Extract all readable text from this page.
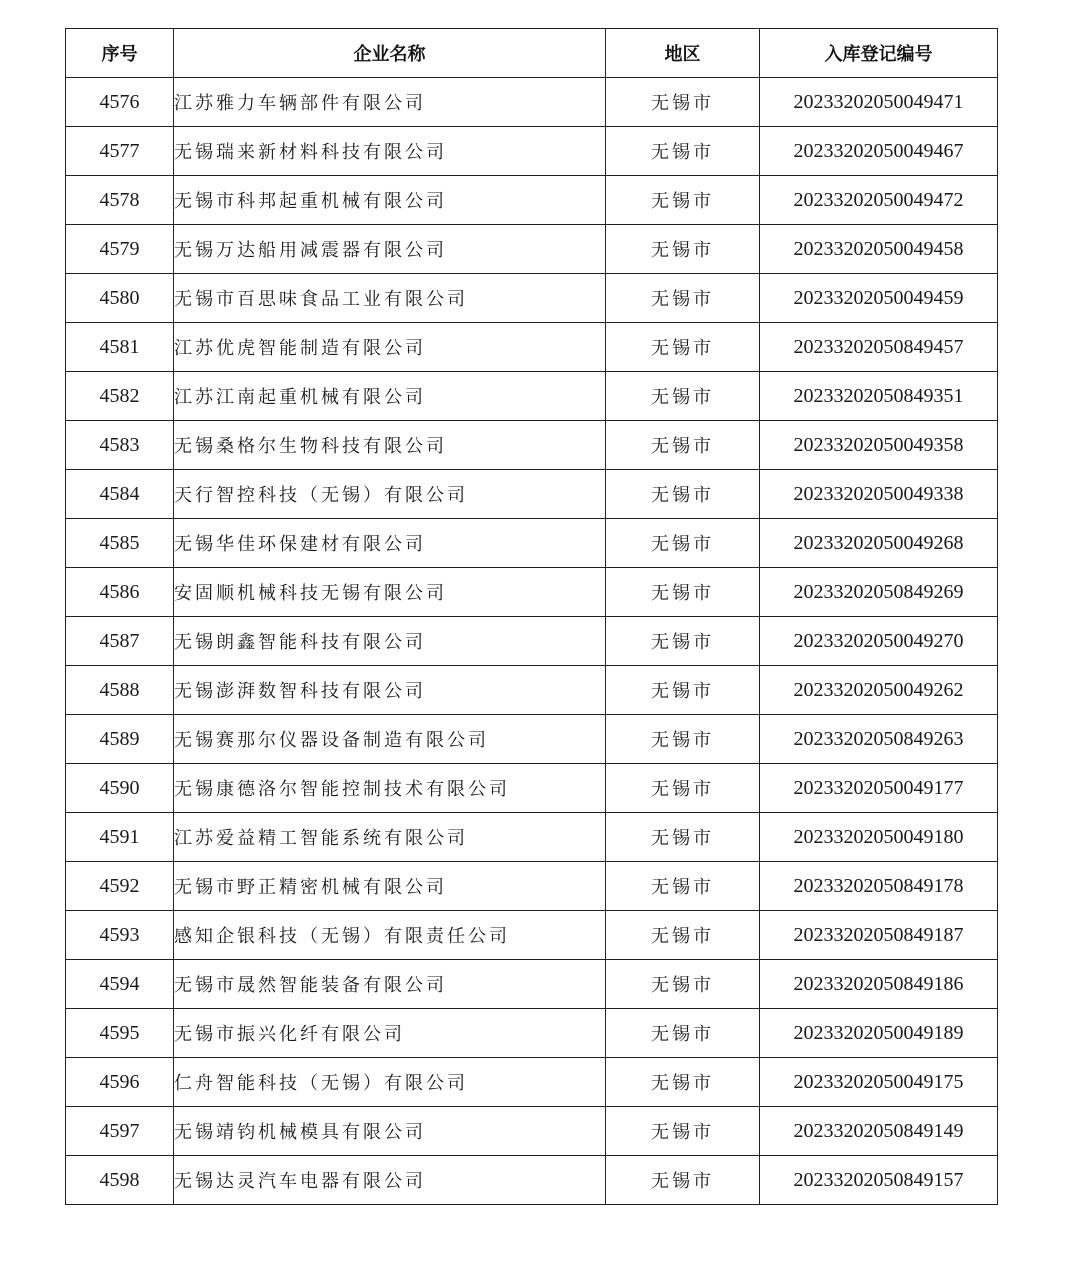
序号	企业名称	地区	入库登记编号
4576	江苏雅力车辆部件有限公司	无锡市	20233202050049471
4577	无锡瑞来新材料科技有限公司	无锡市	20233202050049467
4578	无锡市科邦起重机械有限公司	无锡市	20233202050049472
4579	无锡万达船用减震器有限公司	无锡市	20233202050049458
4580	无锡市百思味食品工业有限公司	无锡市	20233202050049459
4581	江苏优虎智能制造有限公司	无锡市	20233202050849457
4582	江苏江南起重机械有限公司	无锡市	20233202050849351
4583	无锡桑格尔生物科技有限公司	无锡市	20233202050049358
4584	天行智控科技（无锡）有限公司	无锡市	20233202050049338
4585	无锡华佳环保建材有限公司	无锡市	20233202050049268
4586	安固顺机械科技无锡有限公司	无锡市	20233202050849269
4587	无锡朗鑫智能科技有限公司	无锡市	20233202050049270
4588	无锡澎湃数智科技有限公司	无锡市	20233202050049262
4589	无锡赛那尔仪器设备制造有限公司	无锡市	20233202050849263
4590	无锡康德洛尔智能控制技术有限公司	无锡市	20233202050049177
4591	江苏爱益精工智能系统有限公司	无锡市	20233202050049180
4592	无锡市野正精密机械有限公司	无锡市	20233202050849178
4593	感知企银科技（无锡）有限责任公司	无锡市	20233202050849187
4594	无锡市晟然智能装备有限公司	无锡市	20233202050849186
4595	无锡市振兴化纤有限公司	无锡市	20233202050049189
4596	仁舟智能科技（无锡）有限公司	无锡市	20233202050049175
4597	无锡靖钧机械模具有限公司	无锡市	20233202050849149
4598	无锡达灵汽车电器有限公司	无锡市	20233202050849157
